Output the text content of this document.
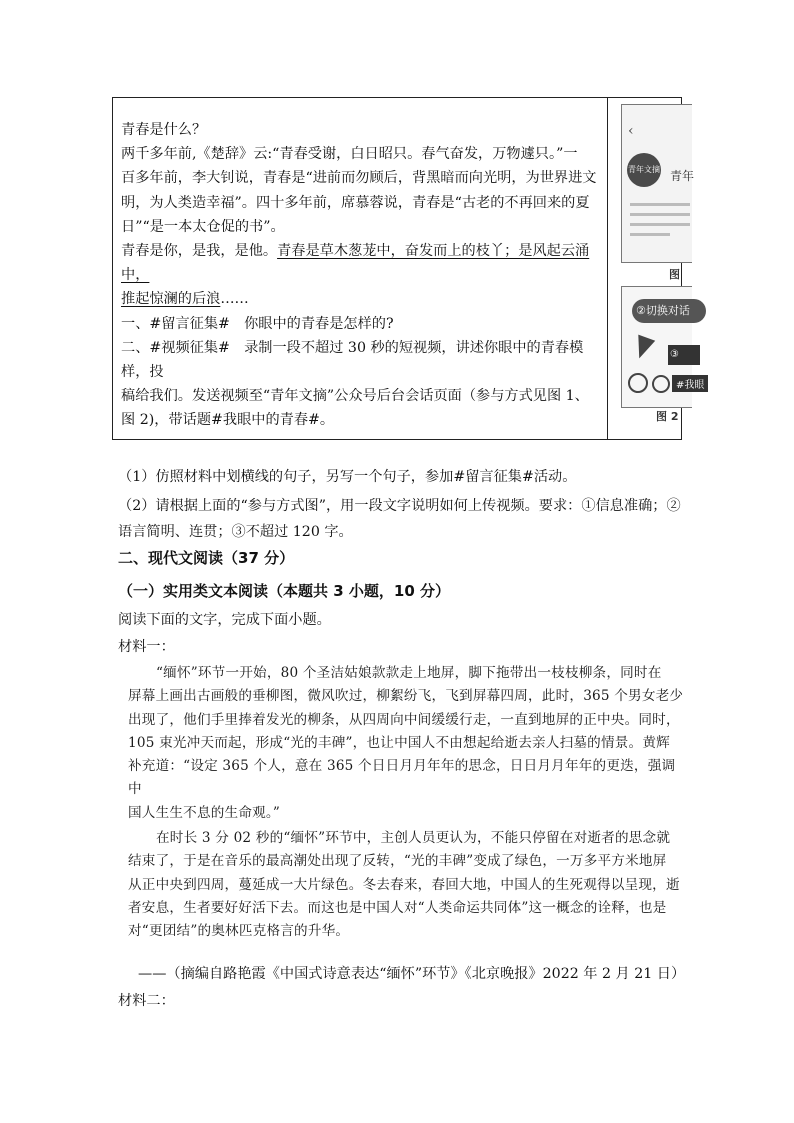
青春是什么？

两千多年前,《楚辞》云:“青春受谢，白日昭只。春气奋发，万物遽只。”一

百多年前，李大钊说，青春是“进前而勿顾后，背黑暗而向光明，为世界进文

明，为人类造幸福”。四十多年前，席慕蓉说，青春是“古老的不再回来的夏

日”“是一本太仓促的书”。

青春是你，是我，是他。青春是草木葱茏中，奋发而上的枝丫；是风起云涌中，

推起惊澜的后浪……

一、#留言征集#　你眼中的青春是怎样的?

二、#视频征集#　录制一段不超过 30 秒的短视频，讲述你眼中的青春模样，投

稿给我们。发送视频至“青年文摘”公众号后台会话页面（参与方式见图 1、

图 2)，带话题#我眼中的青春#。

‹
青年文摘 青年
图
②切换对话
③
#我眼
图 2
（1）仿照材料中划横线的句子，另写一个句子，参加#留言征集#活动。
（2）请根据上面的“参与方式图”，用一段文字说明如何上传视频。要求：①信息准确；②
语言简明、连贯；③不超过 120 字。
二、现代文阅读（37 分）
（一）实用类文本阅读（本题共 3 小题，10 分）
阅读下面的文字，完成下面小题。
材料一：

“缅怀”环节一开始，80 个圣洁姑娘款款走上地屏，脚下拖带出一枝枝柳条，同时在

屏幕上画出古画般的垂柳图，微风吹过，柳絮纷飞，飞到屏幕四周，此时，365 个男女老少

出现了，他们手里捧着发光的柳条，从四周向中间缓缓行走，一直到地屏的正中央。同时，

105 束光冲天而起，形成“光的丰碑”，也让中国人不由想起给逝去亲人扫墓的情景。黄辉

补充道：“设定 365 个人，意在 365 个日日月月年年的思念，日日月月年年的更迭，强调中

国人生生不息的生命观。”

在时长 3 分 02 秒的“缅怀”环节中，主创人员更认为，不能只停留在对逝者的思念就

结束了，于是在音乐的最高潮处出现了反转，“光的丰碑”变成了绿色，一万多平方米地屏

从正中央到四周，蔓延成一大片绿色。冬去春来，春回大地，中国人的生死观得以呈现，逝

者安息，生者要好好活下去。而这也是中国人对“人类命运共同体”这一概念的诠释，也是

对“更团结”的奥林匹克格言的升华。

——（摘编自路艳霞《中国式诗意表达“缅怀”环节》《北京晚报》2022 年 2 月 21 日）
材料二：
